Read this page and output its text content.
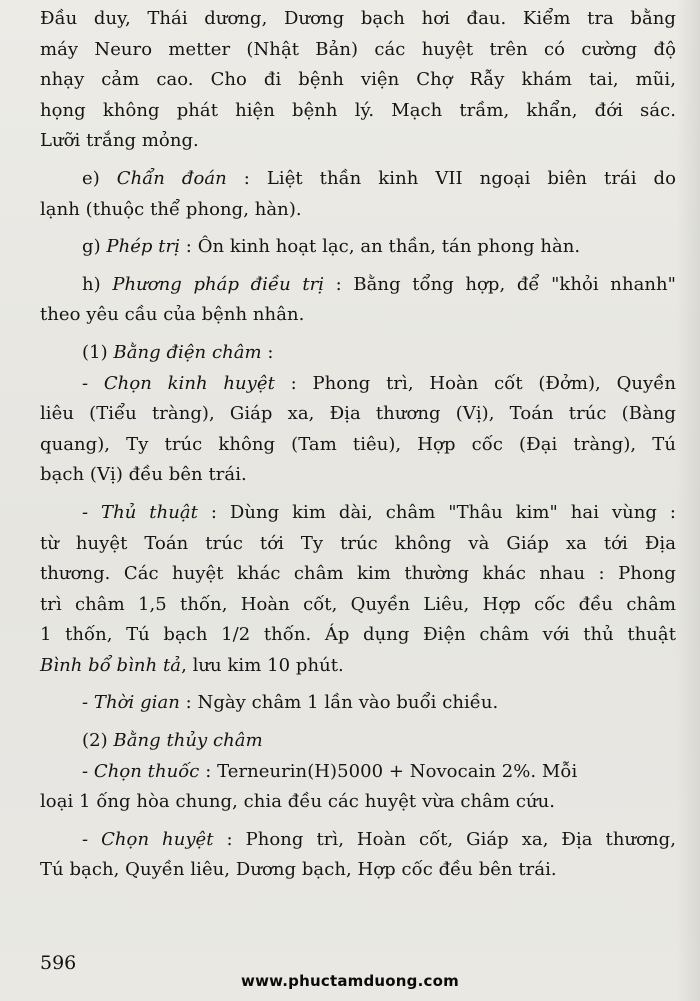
Đầu duy, Thái dương, Dương bạch hơi đau. Kiểm tra bằng
máy Neuro metter (Nhật Bản) các huyệt trên có cường độ
nhạy cảm cao. Cho đi bệnh viện Chợ Rẫy khám tai, mũi,
họng không phát hiện bệnh lý. Mạch trầm, khẩn, đới sác.
Lưỡi trắng mỏng.
e) Chẩn đoán : Liệt thần kinh VII ngoại biên trái do
lạnh (thuộc thể phong, hàn).
g) Phép trị : Ôn kinh hoạt lạc, an thần, tán phong hàn.
h) Phương pháp điều trị : Bằng tổng hợp, để "khỏi nhanh"
theo yêu cầu của bệnh nhân.
(1) Bằng điện châm :
- Chọn kinh huyệt : Phong trì, Hoàn cốt (Đởm), Quyền
liêu (Tiểu tràng), Giáp xa, Địa thương (Vị), Toán trúc (Bàng
quang), Ty trúc không (Tam tiêu), Hợp cốc (Đại tràng), Tú
bạch (Vị) đều bên trái.
- Thủ thuật : Dùng kim dài, châm "Thâu kim" hai vùng :
từ huyệt Toán trúc tới Ty trúc không và Giáp xa tới Địa
thương. Các huyệt khác châm kim thường khác nhau : Phong
trì châm 1,5 thốn, Hoàn cốt, Quyền Liêu, Hợp cốc đều châm
1 thốn, Tú bạch 1/2 thốn. Áp dụng Điện châm với thủ thuật
Bình bổ bình tả, lưu kim 10 phút.
- Thời gian : Ngày châm 1 lần vào buổi chiều.
(2) Bằng thủy châm
- Chọn thuốc : Terneurin(H)5000 + Novocain 2%. Mỗi
loại 1 ống hòa chung, chia đều các huyệt vừa châm cứu.
- Chọn huyệt : Phong trì, Hoàn cốt, Giáp xa, Địa thương,
Tú bạch, Quyền liêu, Dương bạch, Hợp cốc đều bên trái.
596
www.phuctamduong.com
